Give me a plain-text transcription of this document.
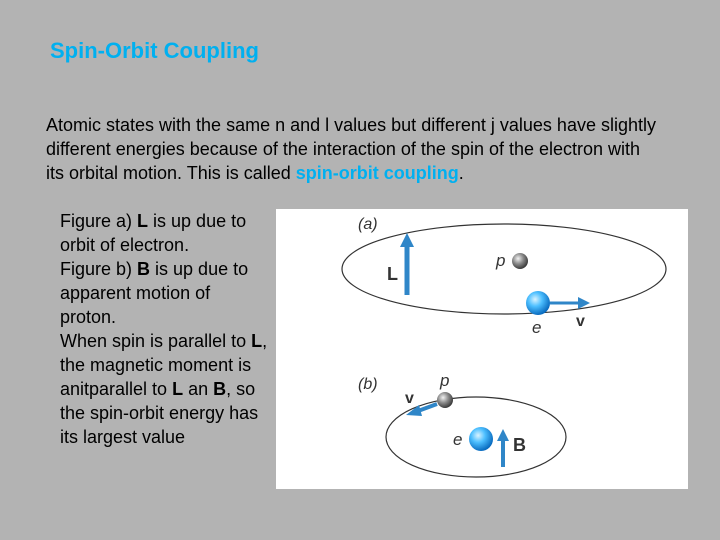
Spin-Orbit Coupling

Atomic states with the same n and l values but different j values have slightly different energies because of the interaction of the spin of the electron with its orbital motion. This is called spin-orbit coupling.

Figure a) L is up due to orbit of electron.

Figure b) B is up due to apparent motion of proton.

When spin is parallel to L, the magnetic moment is anitparallel to L an B, so the spin-orbit energy has its largest value

(a)
L
p
e v
(b)	p
v
e	B
